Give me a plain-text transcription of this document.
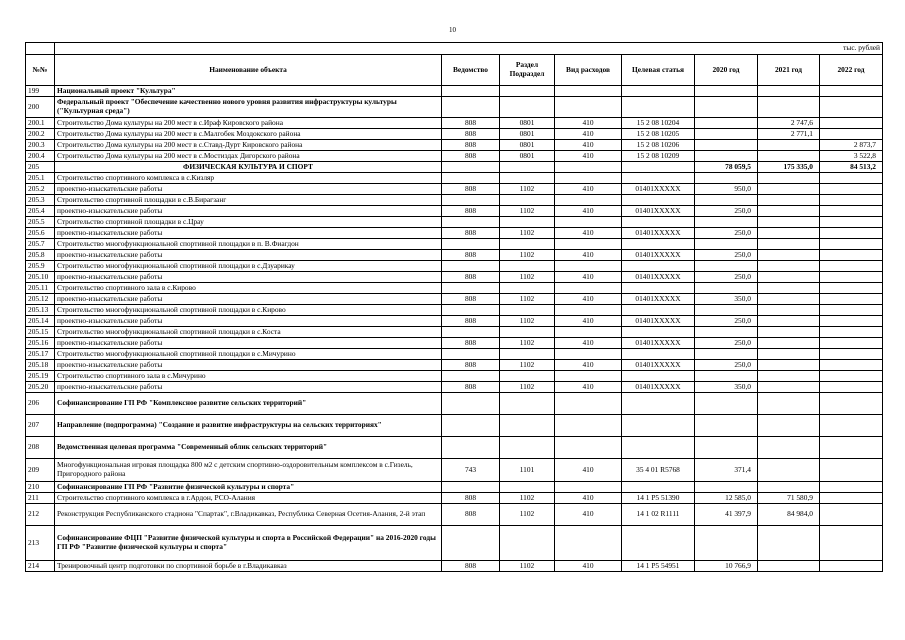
10
	тыс. рублей							
№№	Наименование объекта	Ведомство	Раздел Подраздел	Вид расходов	Целевая статья	2020 год	2021 год	2022 год
199	Национальный проект "Культура"							
200	Федеральный проект "Обеспечение качественно нового уровня развития инфраструктуры культуры ("Культурная среда")							
200.1	Строительство Дома культуры на 200 мест в с.Ираф Кировского района	808	0801	410	15 2 08 10204		2 747,6	
200.2	Строительство Дома культуры на 200 мест в с.Малгобек Моздокского района	808	0801	410	15 2 08 10205		2 771,1	
200.3	Строительство Дома культуры на 200 мест в с.Ставд-Дурт Кировского района	808	0801	410	15 2 08 10206			2 873,7
200.4	Строительство Дома культуры на 200 мест в с.Мостиздах Дигорского района	808	0801	410	15 2 08 10209			3 522,8
205	ФИЗИЧЕСКАЯ КУЛЬТУРА И СПОРТ					78 059,5	175 335,0	84 513,2
205.1	Строительство спортивного комплекса в с.Кизляр							
205.2	проектно-изыскательские работы	808	1102	410	01401ХХХХХ	950,0		
205.3	Строительство спортивной площадки в с.В.Бирагзанг							
205.4	проектно-изыскательские работы	808	1102	410	01401ХХХХХ	250,0		
205.5	Строительство спортивной площадки в с.Црау							
205.6	проектно-изыскательские работы	808	1102	410	01401ХХХХХ	250,0		
205.7	Строительство многофункциональной спортивной площадки в п. В.Фиагдон							
205.8	проектно-изыскательские работы	808	1102	410	01401ХХХХХ	250,0		
205.9	Строительство многофункциональной спортивной площадки в с.Дзуарикау							
205.10	проектно-изыскательские работы	808	1102	410	01401ХХХХХ	250,0		
205.11	Строительство спортивного зала в с.Кирово							
205.12	проектно-изыскательские работы	808	1102	410	01401ХХХХХ	350,0		
205.13	Строительство многофункциональной спортивной площадки в с.Кирово							
205.14	проектно-изыскательские работы	808	1102	410	01401ХХХХХ	250,0		
205.15	Строительство многофункциональной спортивной площадки в с.Коста							
205.16	проектно-изыскательские работы	808	1102	410	01401ХХХХХ	250,0		
205.17	Строительство многофункциональной спортивной площадки в с.Мичурино							
205.18	проектно-изыскательские работы	808	1102	410	01401ХХХХХ	250,0		
205.19	Строительство спортивного зала в с.Мичурино							
205.20	проектно-изыскательские работы	808	1102	410	01401ХХХХХ	350,0		
206	Софинансирование ГП РФ "Комплексное развитие сельских территорий"							
207	Направление (подпрограмма) "Создание и развитие инфраструктуры на сельских территориях"							
208	Ведомственная целевая программа "Современный облик сельских территорий"							
209	Многофункциональная игровая площадка 800 м2 с детским спортивно-оздоровительным комплексом в с.Гизель, Пригородного района	743	1101	410	35 4 01 R5768	371,4		
210	Софинансирование ГП РФ "Развитие физической культуры и спорта"							
211	Строительство спортивного комплекса в г.Ардон, РСО-Алания	808	1102	410	14 1 P5 51390	12 585,0	71 580,9	
212	Реконструкция Республиканского стадиона "Спартак", г.Владикавказ, Республика Северная Осетия-Алания, 2-й этап	808	1102	410	14 1 02 R1111	41 397,9	84 984,0	
213	Софинансирование ФЦП "Развитие физической культуры и спорта в Российской Федерации" на 2016-2020 годы ГП РФ "Развитие физической культуры и спорта"							
214	Тренировочный центр подготовки по спортивной борьбе в г.Владикавказ	808	1102	410	14 1 P5 54951	10 766,9		
